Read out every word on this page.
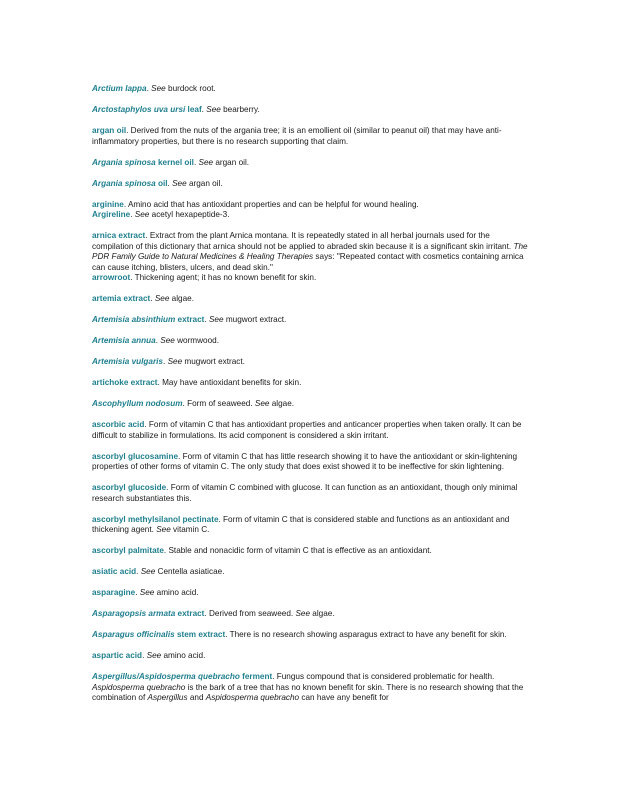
Arctium lappa. See burdock root.

Arctostaphylos uva ursi leaf. See bearberry.

argan oil. Derived from the nuts of the argania tree; it is an emollient oil (similar to peanut oil) that may have anti-inflammatory properties, but there is no research supporting that claim.

Argania spinosa kernel oil. See argan oil.

Argania spinosa oil. See argan oil.

arginine. Amino acid that has antioxidant properties and can be helpful for wound healing.

Argireline. See acetyl hexapeptide-3.

arnica extract. Extract from the plant Arnica montana. It is repeatedly stated in all herbal journals used for the compilation of this dictionary that arnica should not be applied to abraded skin because it is a significant skin irritant. The PDR Family Guide to Natural Medicines & Healing Therapies says: "Repeated contact with cosmetics containing arnica can cause itching, blisters, ulcers, and dead skin."

arrowroot. Thickening agent; it has no known benefit for skin.

artemia extract. See algae.

Artemisia absinthium extract. See mugwort extract.

Artemisia annua. See wormwood.

Artemisia vulgaris. See mugwort extract.

artichoke extract. May have antioxidant benefits for skin.

Ascophyllum nodosum. Form of seaweed. See algae.

ascorbic acid. Form of vitamin C that has antioxidant properties and anticancer properties when taken orally. It can be difficult to stabilize in formulations. Its acid component is considered a skin irritant.

ascorbyl glucosamine. Form of vitamin C that has little research showing it to have the antioxidant or skin-lightening properties of other forms of vitamin C. The only study that does exist showed it to be ineffective for skin lightening.

ascorbyl glucoside. Form of vitamin C combined with glucose. It can function as an antioxidant, though only minimal research substantiates this.

ascorbyl methylsilanol pectinate. Form of vitamin C that is considered stable and functions as an antioxidant and thickening agent. See vitamin C.

ascorbyl palmitate. Stable and nonacidic form of vitamin C that is effective as an antioxidant.

asiatic acid. See Centella asiaticae.

asparagine. See amino acid.

Asparagopsis armata extract. Derived from seaweed. See algae.

Asparagus officinalis stem extract. There is no research showing asparagus extract to have any benefit for skin.

aspartic acid. See amino acid.

Aspergillus/Aspidosperma quebracho ferment. Fungus compound that is considered problematic for health. Aspidosperma quebracho is the bark of a tree that has no known benefit for skin. There is no research showing that the combination of Aspergillus and Aspidosperma quebracho can have any benefit for
